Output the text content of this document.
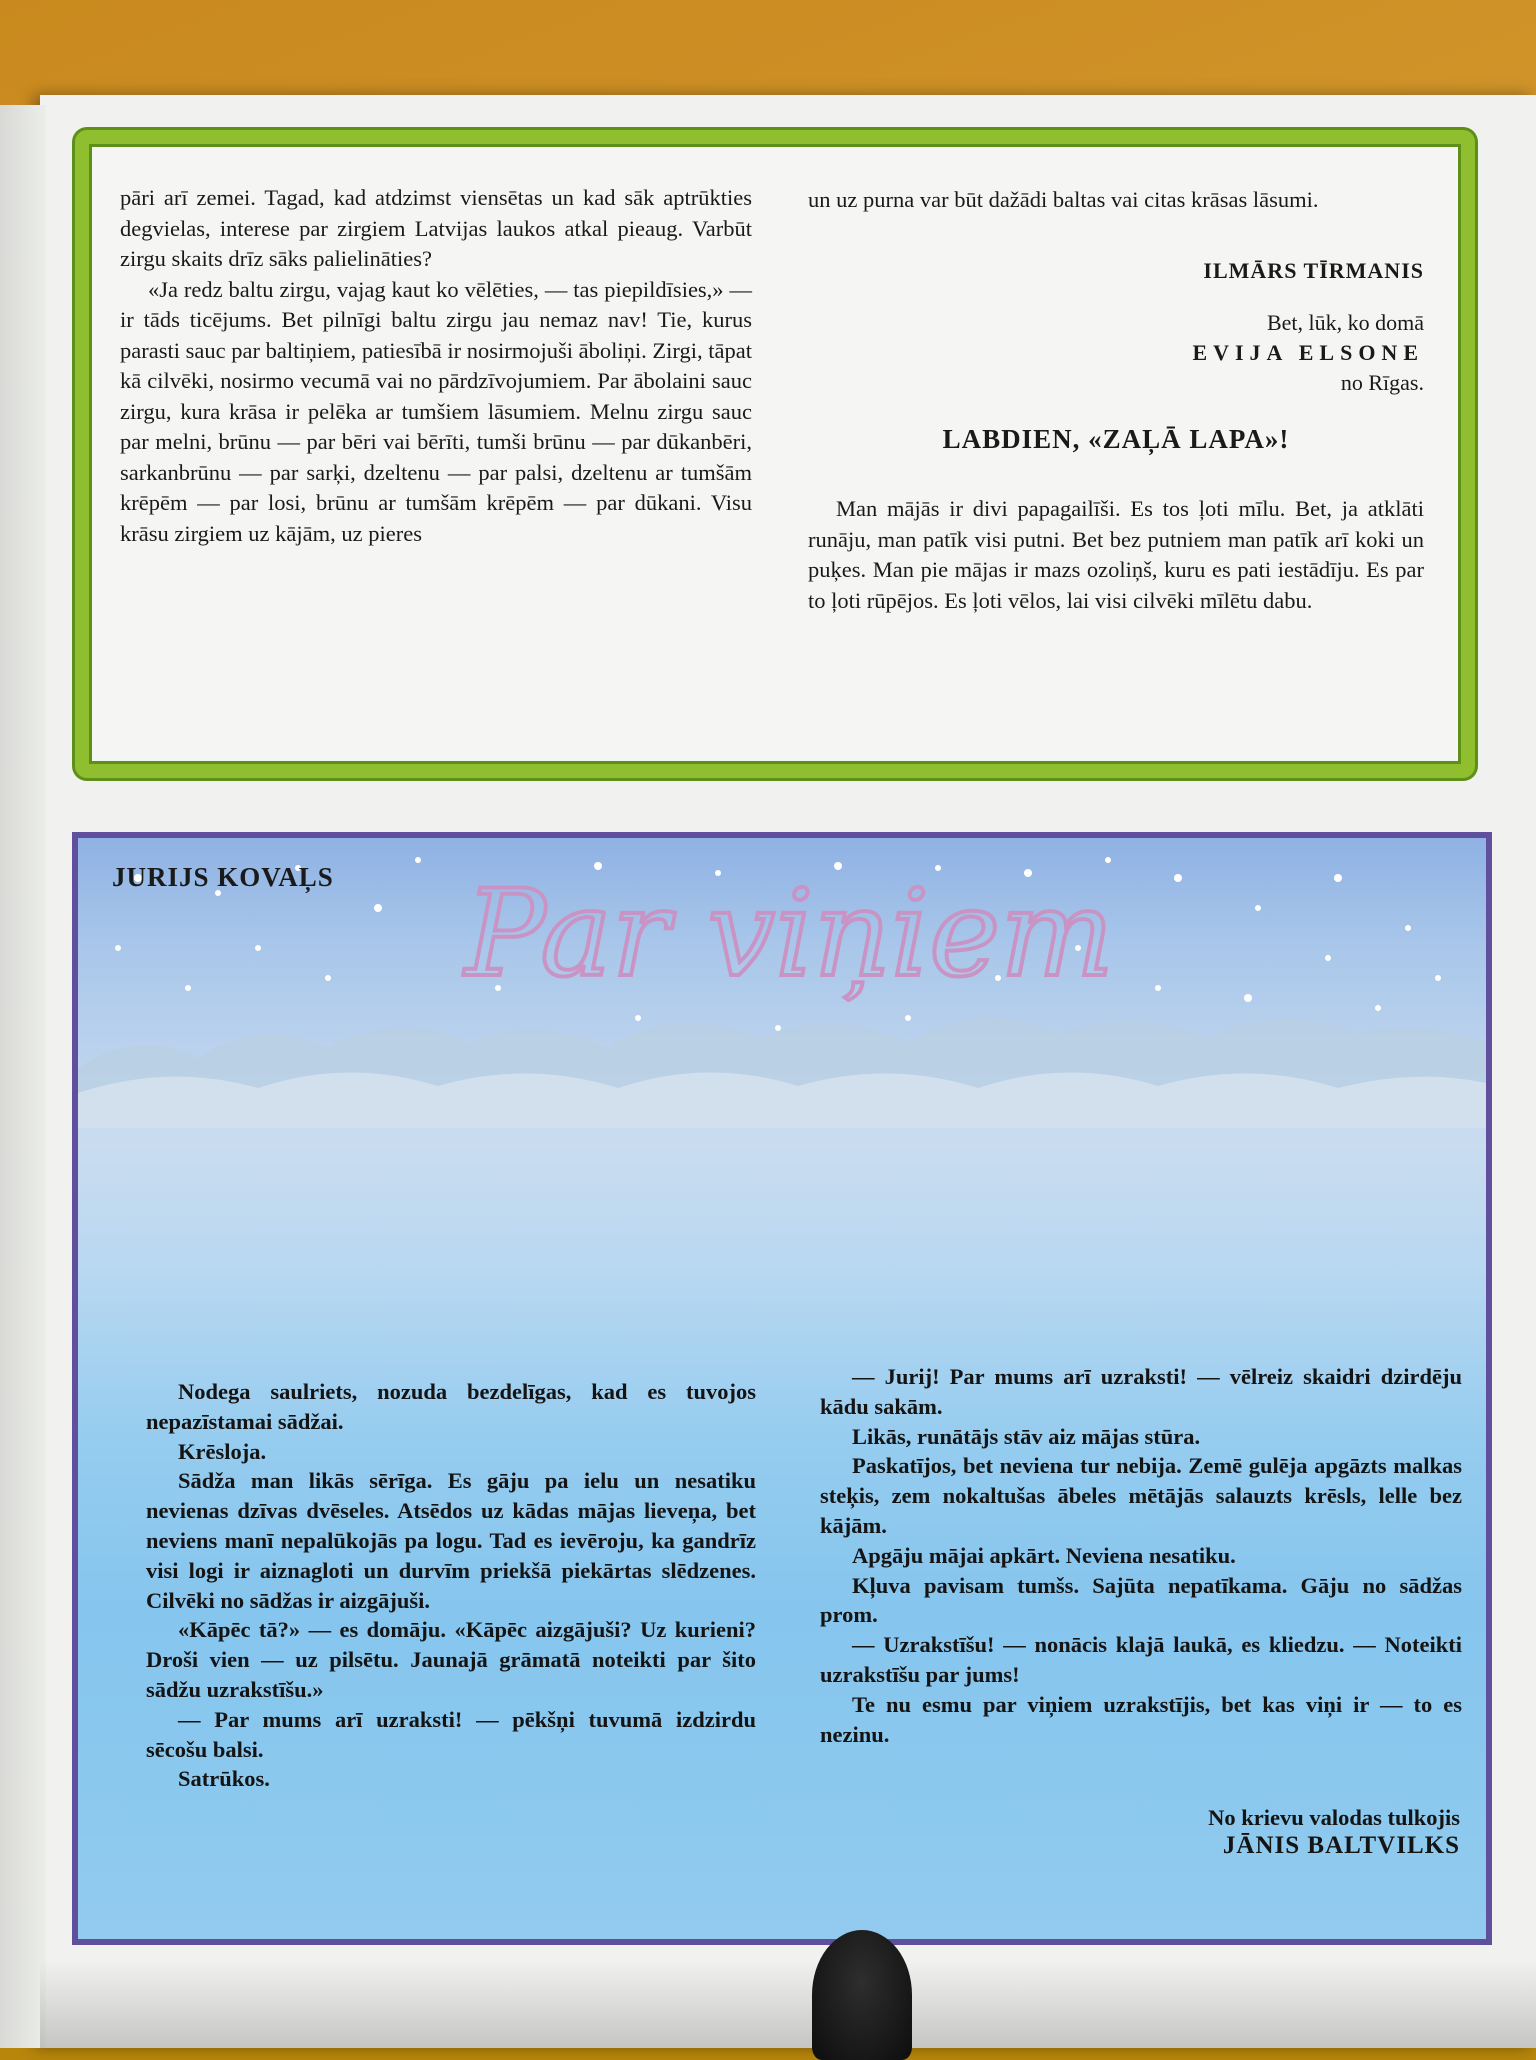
pāri arī zemei. Tagad, kad atdzimst viensētas un kad sāk aptrūkties degvielas, interese par zirgiem Latvijas laukos atkal pieaug. Varbūt zirgu skaits drīz sāks palielināties?

«Ja redz baltu zirgu, vajag kaut ko vēlēties, — tas piepildīsies,» — ir tāds ticējums. Bet pilnīgi baltu zirgu jau nemaz nav! Tie, kurus parasti sauc par baltiņiem, patiesībā ir nosirmojuši āboliņi. Zirgi, tāpat kā cilvēki, nosirmo vecumā vai no pārdzīvojumiem. Par ābolaini sauc zirgu, kura krāsa ir pelēka ar tumšiem lāsumiem. Melnu zirgu sauc par melni, brūnu — par bēri vai bērīti, tumši brūnu — par dūkanbēri, sarkanbrūnu — par sarķi, dzeltenu — par palsi, dzeltenu ar tumšām krēpēm — par losi, brūnu ar tumšām krēpēm — par dūkani. Visu krāsu zirgiem uz kājām, uz pieres

un uz purna var būt dažādi baltas vai citas krāsas lāsumi.

ILMĀRS TĪRMANIS

Bet, lūk, ko domā

EVIJA ELSONE

no Rīgas.

LABDIEN, «ZAĻĀ LAPA»!

Man mājās ir divi papagailīši. Es tos ļoti mīlu. Bet, ja atklāti runāju, man patīk visi putni. Bet bez putniem man patīk arī koki un puķes. Man pie mājas ir mazs ozoliņš, kuru es pati iestādīju. Es par to ļoti rūpējos. Es ļoti vēlos, lai visi cilvēki mīlētu dabu.

JURIJS KOVAĻS Par viņiem

Nodega saulriets, nozuda bezdelīgas, kad es tuvojos nepazīstamai sādžai.

Krēsloja.

Sādža man likās sērīga. Es gāju pa ielu un nesatiku nevienas dzīvas dvēseles. Atsēdos uz kādas mājas lieveņa, bet neviens manī nepalūkojās pa logu. Tad es ievēroju, ka gandrīz visi logi ir aiznagloti un durvīm priekšā piekārtas slēdzenes. Cilvēki no sādžas ir aizgājuši.

«Kāpēc tā?» — es domāju. «Kāpēc aizgājuši? Uz kurieni? Droši vien — uz pilsētu. Jaunajā grāmatā noteikti par šito sādžu uzrakstīšu.»

— Par mums arī uzraksti! — pēkšņi tuvumā izdzirdu sēcošu balsi.

Satrūkos.

— Jurij! Par mums arī uzraksti! — vēlreiz skaidri dzirdēju kādu sakām.

Likās, runātājs stāv aiz mājas stūra.

Paskatījos, bet neviena tur nebija. Zemē gulēja apgāzts malkas steķis, zem nokaltušas ābeles mētājās salauzts krēsls, lelle bez kājām.

Apgāju mājai apkārt. Neviena nesatiku.

Kļuva pavisam tumšs. Sajūta nepatīkama. Gāju no sādžas prom.

— Uzrakstīšu! — nonācis klajā laukā, es kliedzu. — Noteikti uzrakstīšu par jums!

Te nu esmu par viņiem uzrakstījis, bet kas viņi ir — to es nezinu.

No krievu valodas tulkojis
JĀNIS BALTVILKS
